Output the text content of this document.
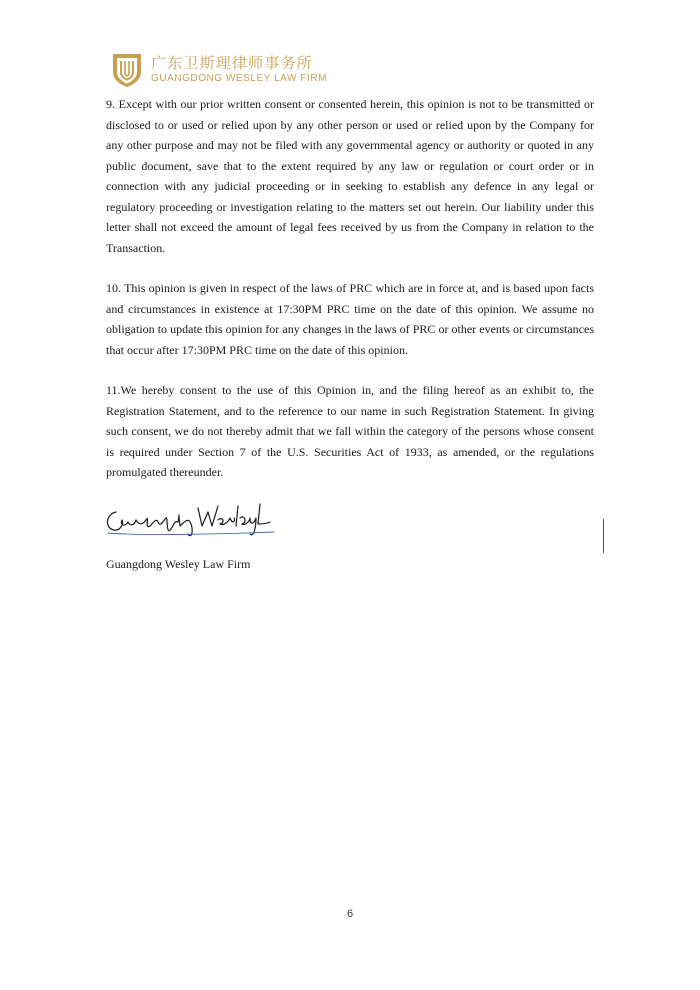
广东卫斯理律师事务所
GUANGDONG WESLEY LAW FIRM

9. Except with our prior written consent or consented herein, this opinion is not to be transmitted or disclosed to or used or relied upon by any other person or used or relied upon by the Company for any other purpose and may not be filed with any governmental agency or authority or quoted in any public document, save that to the extent required by any law or regulation or court order or in connection with any judicial proceeding or in seeking to establish any defence in any legal or regulatory proceeding or investigation relating to the matters set out herein. Our liability under this letter shall not exceed the amount of legal fees received by us from the Company in relation to the Transaction.

10. This opinion is given in respect of the laws of PRC which are in force at, and is based upon facts and circumstances in existence at 17:30PM PRC time on the date of this opinion. We assume no obligation to update this opinion for any changes in the laws of PRC or other events or circumstances that occur after 17:30PM PRC time on the date of this opinion.

11.We hereby consent to the use of this Opinion in, and the filing hereof as an exhibit to, the Registration Statement, and to the reference to our name in such Registration Statement. In giving such consent, we do not thereby admit that we fall within the category of the persons whose consent is required under Section 7 of the U.S. Securities Act of 1933, as amended, or the regulations promulgated thereunder.

Guangdong Wesley Law Firm
6
